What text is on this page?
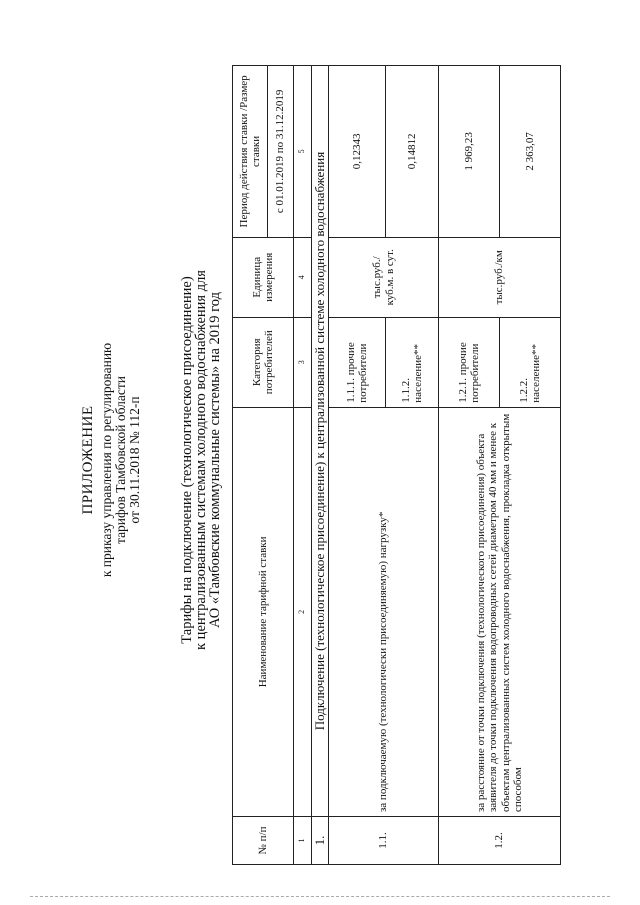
ПРИЛОЖЕНИЕ к приказу управления по регулированию тарифов Тамбовской области от 30.11.2018 № 112-п	Тарифы на подключение (технологическое присоединение)
к централизованным системам холодного водоснабжения для
АО «Тамбовские коммунальные системы» на 2019 год
№ п/п	Наименование тарифной ставки	Категория потребителей	Единица измерения	Период действия ставки /Размер ставки
				с 01.01.2019 по 31.12.2019
1	2	3	4	5
1.	Подключение (технологическое присоединение) к централизованной системе холодного водоснабжения			
1.1.	за подключаемую (технологически присоединяемую) нагрузку*	1.1.1. прочие потребители	тыс.руб./ куб.м. в сут.	0,12343
		1.1.2. население**		0,14812
1.2.	за расстояние от точки подключения (технологического присоединения) объекта заявителя до точки подключения водопроводных сетей диаметром 40 мм и менее к объектам централизованных систем холодного водоснабжения, прокладка открытым способом	1.2.1. прочие потребители	тыс.руб./км	1 969,23
		1.2.2. население**		2 363,07
